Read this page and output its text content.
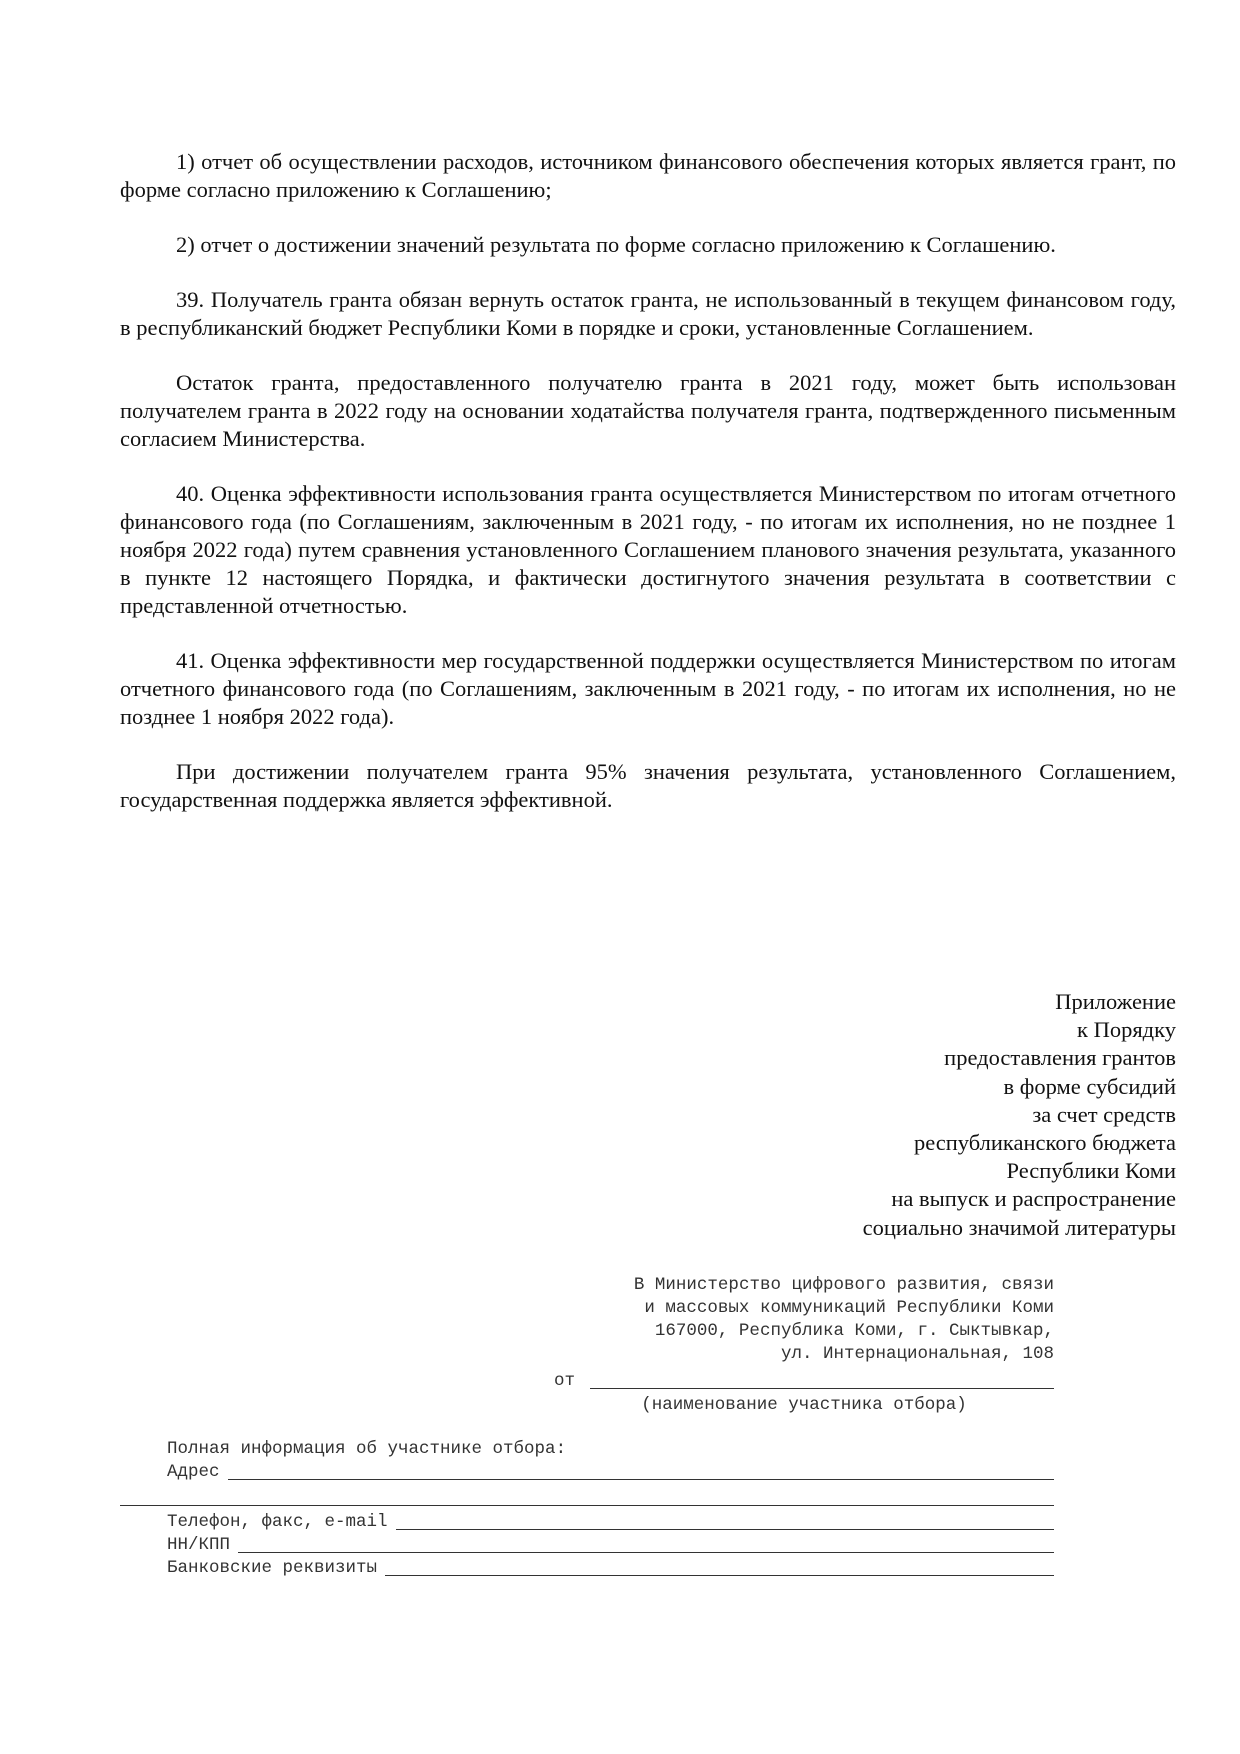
1) отчет об осуществлении расходов, источником финансового обеспечения которых является грант, по форме согласно приложению к Соглашению;

2) отчет о достижении значений результата по форме согласно приложению к Соглашению.

39. Получатель гранта обязан вернуть остаток гранта, не использованный в текущем финансовом году, в республиканский бюджет Республики Коми в порядке и сроки, установленные Соглашением.

Остаток гранта, предоставленного получателю гранта в 2021 году, может быть использован получателем гранта в 2022 году на основании ходатайства получателя гранта, подтвержденного письменным согласием Министерства.

40. Оценка эффективности использования гранта осуществляется Министерством по итогам отчетного финансового года (по Соглашениям, заключенным в 2021 году, - по итогам их исполнения, но не позднее 1 ноября 2022 года) путем сравнения установленного Соглашением планового значения результата, указанного в пункте 12 настоящего Порядка, и фактически достигнутого значения результата в соответствии с представленной отчетностью.

41. Оценка эффективности мер государственной поддержки осуществляется Министерством по итогам отчетного финансового года (по Соглашениям, заключенным в 2021 году, - по итогам их исполнения, но не позднее 1 ноября 2022 года).

При достижении получателем гранта 95% значения результата, установленного Соглашением, государственная поддержка является эффективной.

Приложение
к Порядку
предоставления грантов
в форме субсидий
за счет средств
республиканского бюджета
Республики Коми
на выпуск и распространение
социально значимой литературы
В Министерство цифрового развития, связи
и массовых коммуникаций Республики Коми
167000, Республика Коми, г. Сыктывкар,
ул. Интернациональная, 108
от
(наименование участника отбора)
Полная информация об участнике отбора:
Адрес
Телефон, факс, e-mail
НН/КПП
Банковские реквизиты
